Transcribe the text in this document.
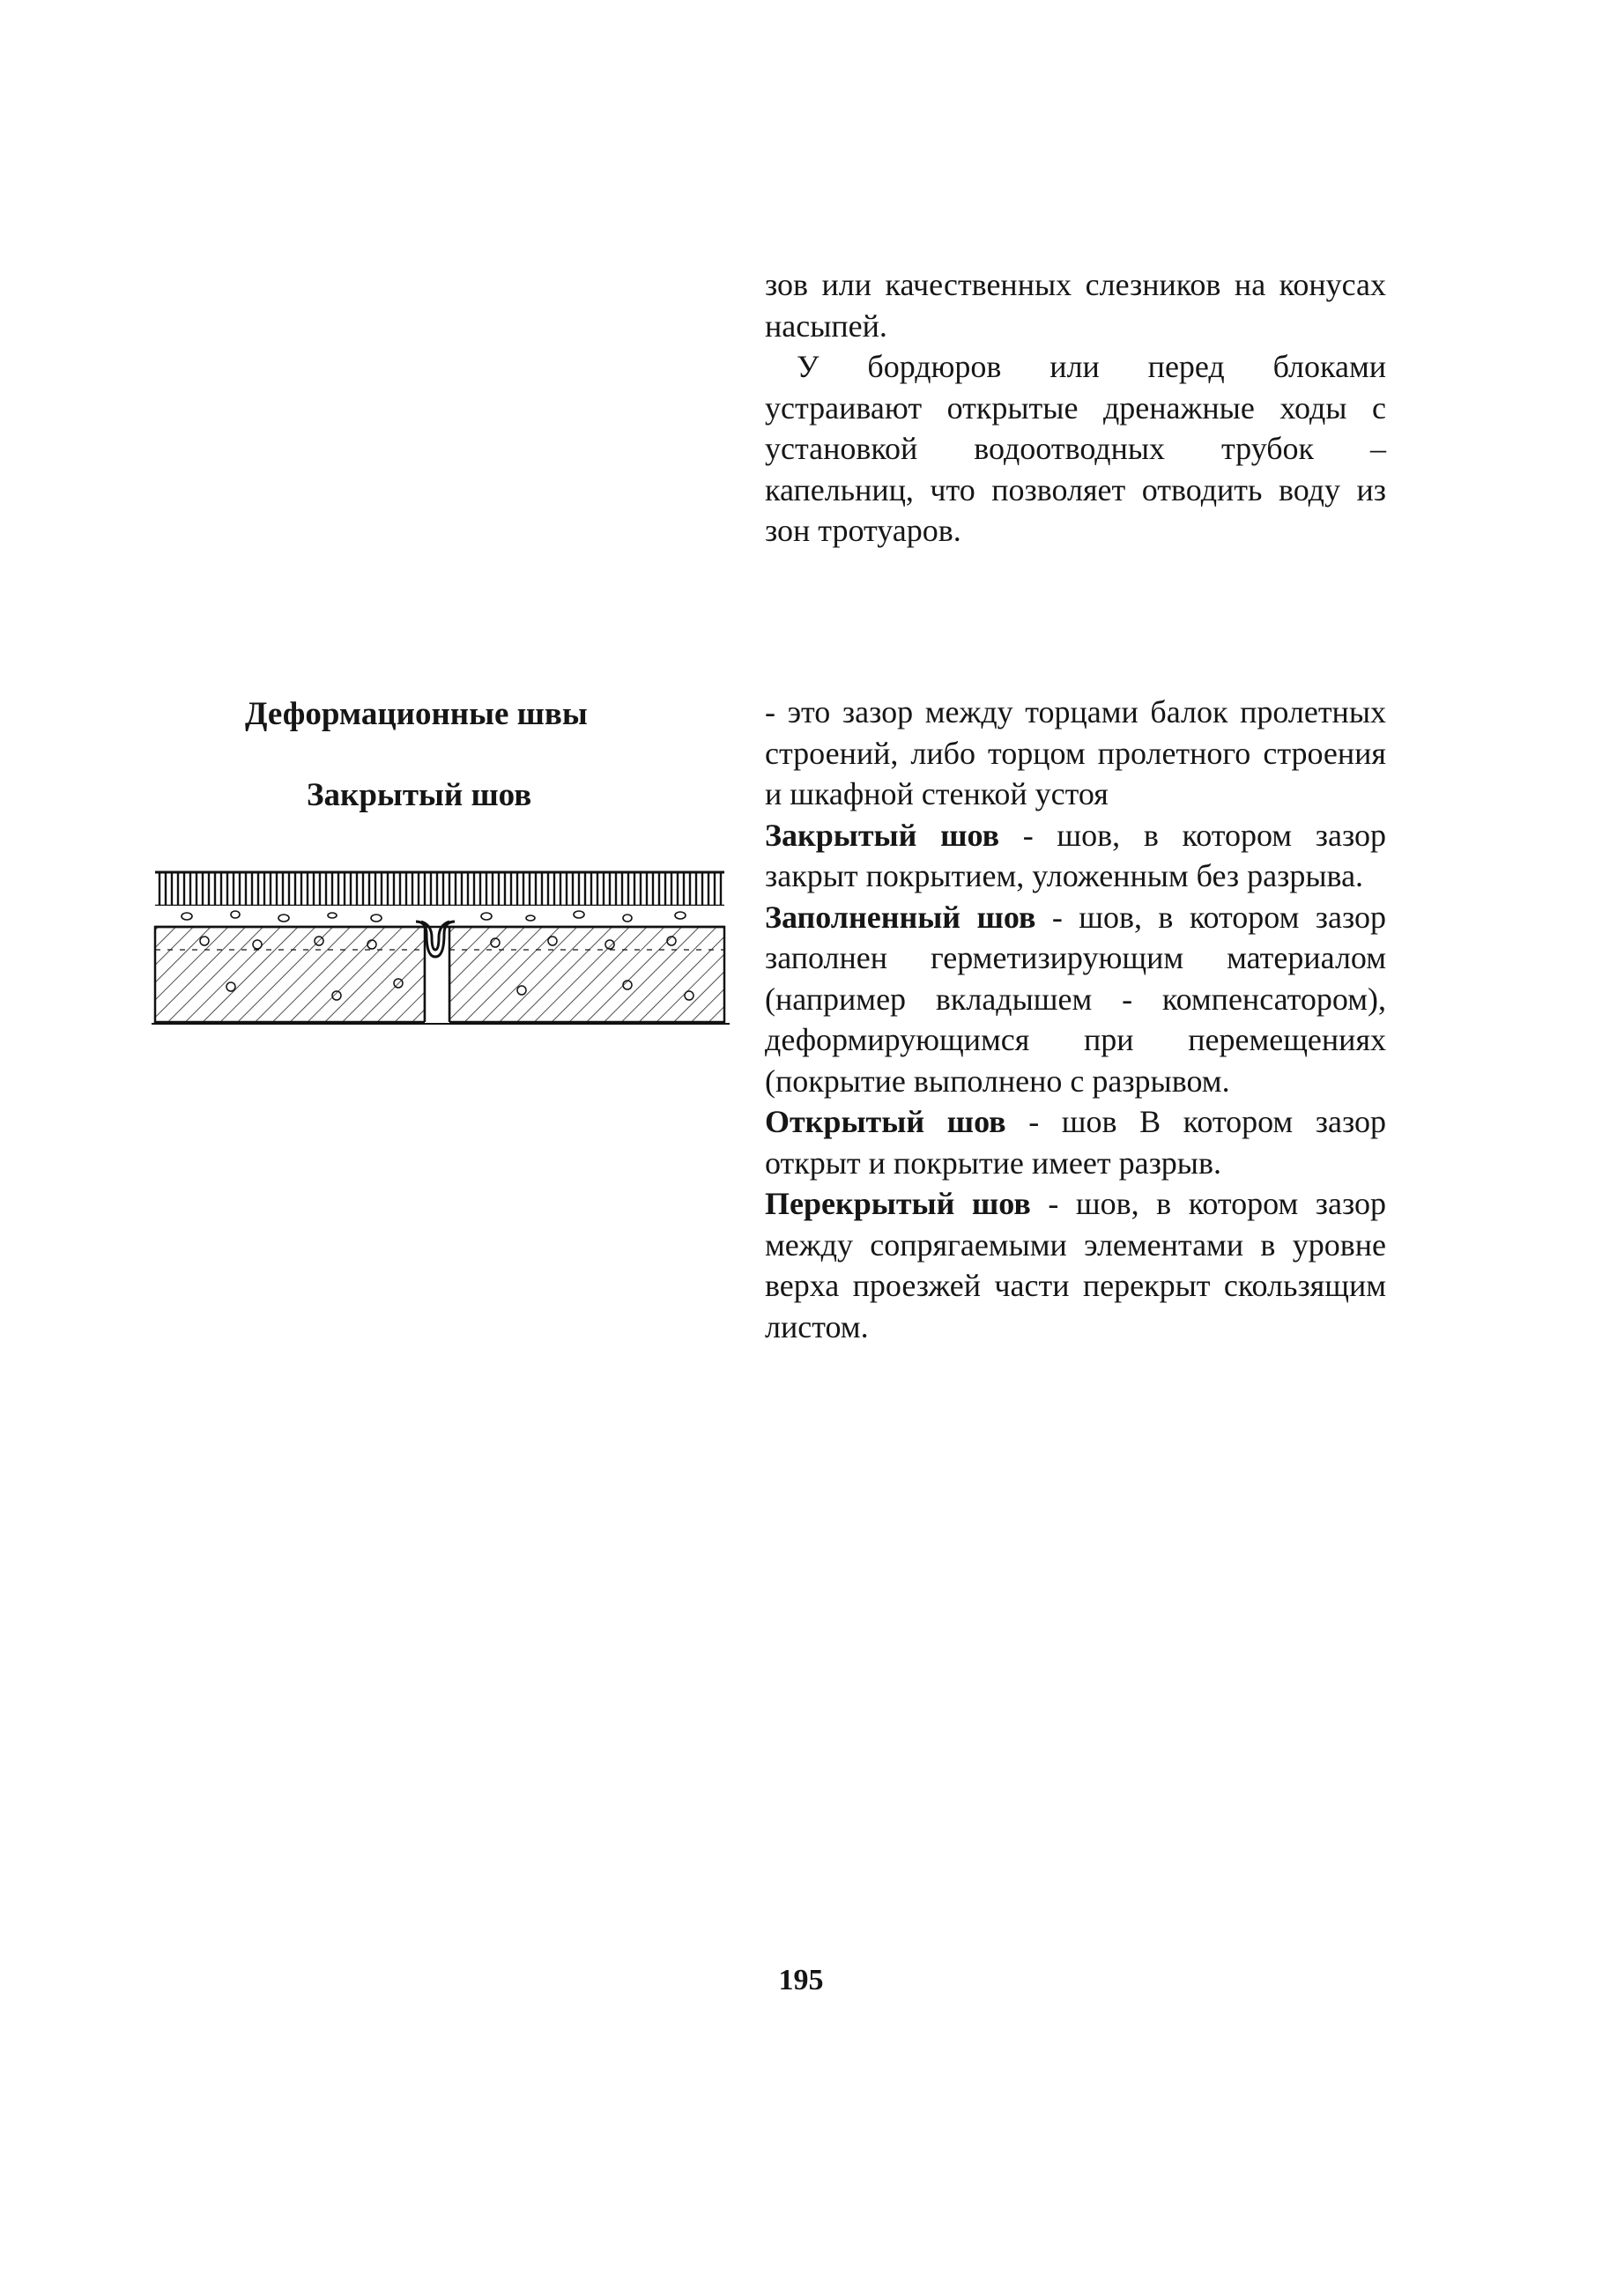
зов или качественных слезников на конусах насыпей.

У бордюров или перед блоками устраивают открытые дренажные ходы с установкой водоотводных трубок – капельниц, что позволяет отводить воду из зон тротуаров.

Деформационные швы
Закрытый шов

- это зазор между торцами балок пролетных строений, либо торцом пролетного строения и шкафной стенкой устоя

Закрытый шов - шов, в котором зазор закрыт покрытием, уложенным без разрыва.

Заполненный шов - шов, в котором зазор заполнен герметизирующим материалом (например вкладышем - компенсатором), деформирующимся при перемещениях (покрытие выполнено с разрывом.

Открытый шов - шов В котором зазор открыт и покрытие имеет разрыв.

Перекрытый шов - шов, в котором зазор между сопрягаемыми элементами в уровне верха проезжей части перекрыт скользящим листом.

195
